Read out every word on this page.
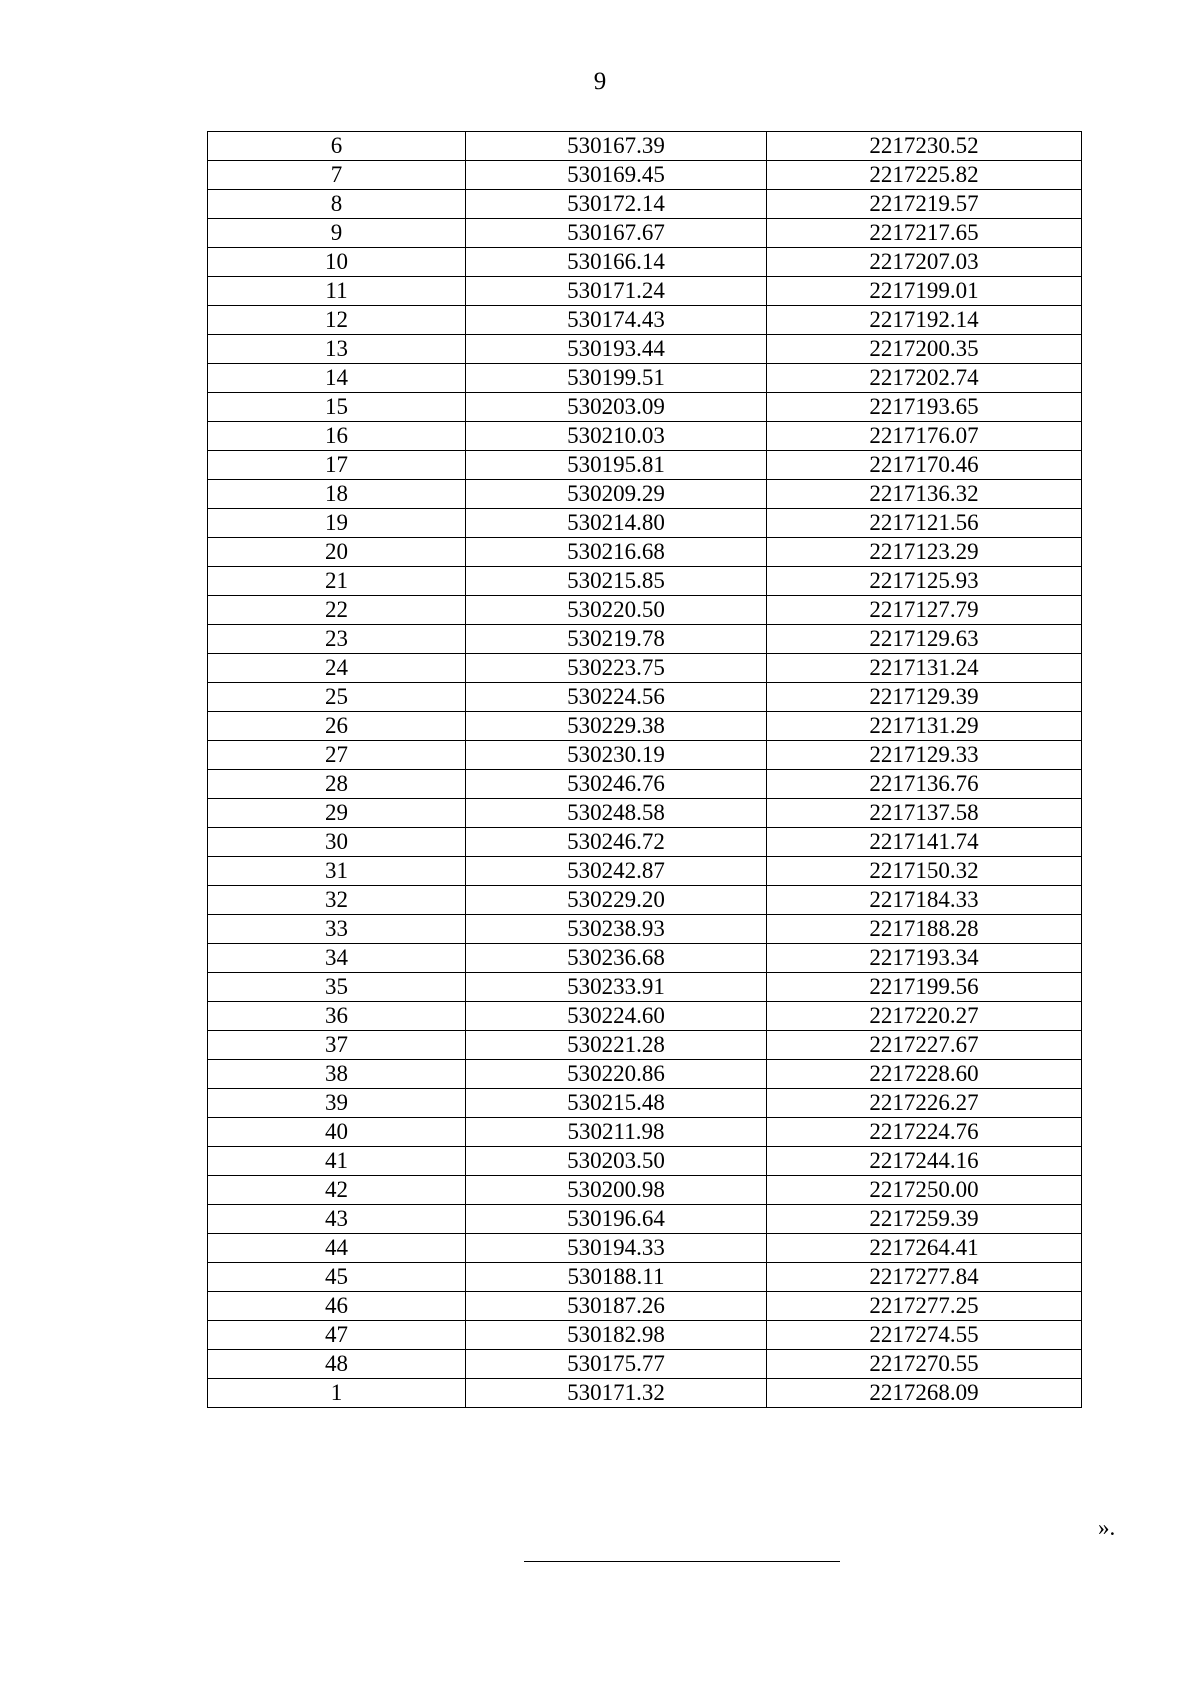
9
6	530167.39	2217230.52
7	530169.45	2217225.82
8	530172.14	2217219.57
9	530167.67	2217217.65
10	530166.14	2217207.03
11	530171.24	2217199.01
12	530174.43	2217192.14
13	530193.44	2217200.35
14	530199.51	2217202.74
15	530203.09	2217193.65
16	530210.03	2217176.07
17	530195.81	2217170.46
18	530209.29	2217136.32
19	530214.80	2217121.56
20	530216.68	2217123.29
21	530215.85	2217125.93
22	530220.50	2217127.79
23	530219.78	2217129.63
24	530223.75	2217131.24
25	530224.56	2217129.39
26	530229.38	2217131.29
27	530230.19	2217129.33
28	530246.76	2217136.76
29	530248.58	2217137.58
30	530246.72	2217141.74
31	530242.87	2217150.32
32	530229.20	2217184.33
33	530238.93	2217188.28
34	530236.68	2217193.34
35	530233.91	2217199.56
36	530224.60	2217220.27
37	530221.28	2217227.67
38	530220.86	2217228.60
39	530215.48	2217226.27
40	530211.98	2217224.76
41	530203.50	2217244.16
42	530200.98	2217250.00
43	530196.64	2217259.39
44	530194.33	2217264.41
45	530188.11	2217277.84
46	530187.26	2217277.25
47	530182.98	2217274.55
48	530175.77	2217270.55
1	530171.32	2217268.09
».
